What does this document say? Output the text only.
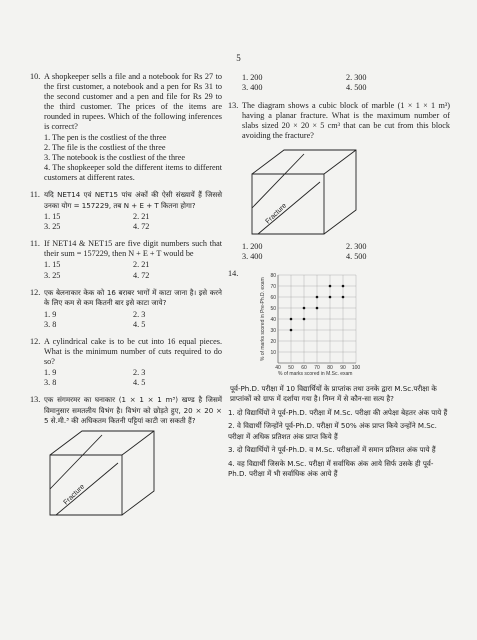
5
10. A shopkeeper sells a file and a notebook for Rs 27 to the first customer, a notebook and a pen for Rs 31 to the second customer and a pen and file for Rs 29 to the third customer. The prices of the items are rounded in rupees. Which of the following inferences is correct?
1. The pen is the costliest of the three
2. The file is the costliest of the three
3. The notebook is the costliest of the three
4. The shopkeeper sold the different items to different customers at different rates.
11. यदि NET14 एवं NET15 पांच अंकों की ऐसी संख्यायें हैं जिससे उनका योग = 157229, तब N + E + T कितना होगा?
1. 15	2. 21
3. 25	4. 72
11. If NET14 & NET15 are five digit numbers such that their sum = 157229, then N + E + T would be
1. 15	2. 21
3. 25	4. 72
12. एक बेलनाकार केक को 16 बराबर भागों में काटा जाना है। इसे करने के लिए कम से कम कितनी बार इसे काटा जाये?
1. 9	2. 3
3. 8	4. 5
12. A cylindrical cake is to be cut into 16 equal pieces. What is the minimum number of cuts required to do so?
1. 9	2. 3
3. 8	4. 5
13. एक संगमरमर का घनाकार (1 × 1 × 1 m³) खण्ड है जिसमें विमानुसार समतलीय विभंग है। विभंग को छोड़ते हुए, 20 × 20 × 5 से.मी.³ की अधिकतम कितनी पट्टियां काटी जा सकती हैं?
Fracture
1. 200	2. 300
3. 400	4. 500
13. The diagram shows a cubic block of marble (1 × 1 × 1 m³) having a planar fracture. What is the maximum number of slabs sized 20 × 20 × 5 cm³ that can be cut from this block avoiding the fracture?
Fracture
1. 200	2. 300
3. 400	4. 500
14.
10
20
30
40
50
60
70
80
40 50 60 70 80 90 100
% of marks scored in Pre-Ph.D. exam
% of marks scored in M.Sc. exam
पूर्व-Ph.D. परीक्षा में 10 विद्यार्थियों के प्राप्तांक तथा उनके द्वारा M.Sc.परीक्षा के प्राप्तांकों को ग्राफ में दर्शाया गया है। निम्न में से कौन-सा सत्य है?
1. दो विद्यार्थियों ने पूर्व-Ph.D. परीक्षा में M.Sc. परीक्षा की अपेक्षा बेहतर अंक पाये हैं
2. वे विद्यार्थी जिन्होंने पूर्व-Ph.D. परीक्षा में 50% अंक प्राप्त किये उन्होंने M.Sc. परीक्षा में अधिक प्रतिशत अंक प्राप्त किये हैं
3. दो विद्यार्थियों ने पूर्व-Ph.D. व M.Sc. परीक्षाओं में समान प्रतिशत अंक पाये हैं
4. वह विद्यार्थी जिसके M.Sc. परीक्षा में सर्वाधिक अंक आये सिर्फ उसके ही पूर्व-Ph.D. परीक्षा में भी सर्वाधिक अंक आये हैं
